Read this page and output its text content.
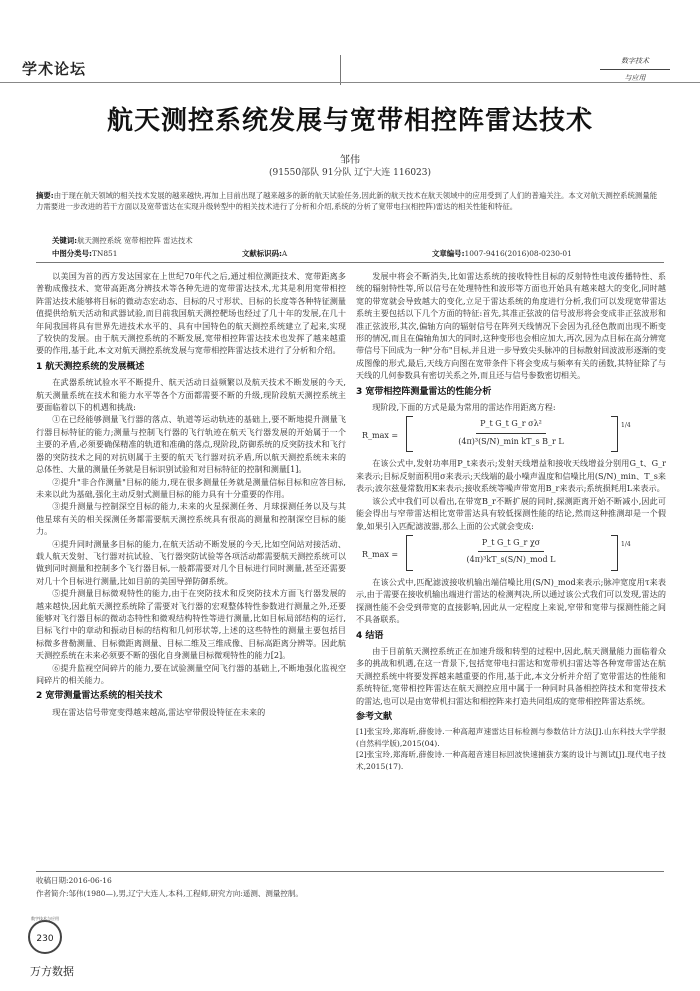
学术论坛	数字技术
与应用
航天测控系统发展与宽带相控阵雷达技术
邹伟
(91550部队 91分队 辽宁大连 116023)
摘要:由于现在航天领域的相关技术发展的越来越快,再加上目前出现了越来越多的新的航天试验任务,因此新的航天技术在航天领域中的应用受到了人们的普遍关注。本文对航天测控系统测量能力需要进一步改进的若干方面以及宽带雷达在实现升级转型中的相关技术进行了分析和介绍,系统的分析了宽带电扫(相控阵)雷达的相关性能和特征。
关键词:航天测控系统 宽带相控阵 雷达技术
中图分类号:TN851	文献标识码:A	文章编号:1007-9416(2016)08-0230-01

以美国为首的西方发达国家在上世纪70年代之后,通过相位测距技术、宽带距离多普勒成像技术、宽带高距离分辨技术等各种先进的宽带雷达技术,尤其是利用宽带相控阵雷达技术能够将目标的微动态宏动态、目标的尺寸形状、目标的长度等各种特征测量值提供给航天活动和武器试验,而目前我国航天测控靶场也经过了几十年的发展,在几十年间我国将具有世界先进技术水平的、具有中国特色的航天测控系统建立了起来,实现了较快的发展。由于航天测控系统的不断发展,宽带相控阵雷达技术也发挥了越来越重要的作用,基于此,本文对航天测控系统发展与宽带相控阵雷达技术进行了分析和介绍。

1 航天测控系统的发展概述

在武器系统试验水平不断提升、航天活动日益频繁以及航天技术不断发展的今天,航天测量系统在技术和能力水平等各个方面都需要不断的升级,现阶段航天测控系统主要面临着以下的机遇和挑战:

①在已经能够测量飞行器的落点、轨道等运动轨迹的基础上,要不断地提升测量飞行器目标特征的能力;测量与控制飞行器的飞行轨迹在航天飞行器发展的开始属于一个主要的矛盾,必须要确保精准的轨道和准确的落点,现阶段,防御系统的反突防技术和飞行器的突防技术之间的对抗则属于主要的航天飞行器对抗矛盾,所以航天测控系统未来的总体性、大量的测量任务就是目标识别试验和对目标特征的控制和测量[1]。

②提升"非合作测量"目标的能力,现在很多测量任务就是测量信标目标和应答目标,未来以此为基础,强化主动反射式测量目标的能力具有十分重要的作用。

③提升测量与控制深空目标的能力,未来的火星探测任务、月球探测任务以及与其他星球有关的相关探测任务都需要航天测控系统具有很高的测量和控制深空目标的能力。

④提升同时测量多目标的能力,在航天活动不断发展的今天,比如空间站对接活动、载人航天发射、飞行器对抗试验、飞行器突防试验等各项活动都需要航天测控系统可以做到同时测量和控制多个飞行器目标,一般都需要对几个目标进行同时测量,甚至还需要对几十个目标进行测量,比如目前的美国导弹防御系统。

⑤提升测量目标微观特性的能力,由于在突防技术和反突防技术方面飞行器发展的越来越快,因此航天测控系统除了需要对飞行器的宏观整体特性参数进行测量之外,还要能够对飞行器目标的微动态特性和微观结构特性等进行测量,比如目标局部结构的运行,目标飞行中的章动和振动目标的结构和几何形状等,上述的这些特性的测量主要包括目标微多普勒测量、目标微距离测量、目标二维及三维成像、目标高距离分辨等。因此航天测控系统在未来必须要不断的强化自身测量目标微观特性的能力[2]。

⑥提升监视空间碎片的能力,要在试验测量空间飞行器的基础上,不断地强化监视空间碎片的相关能力。

2 宽带测量雷达系统的相关技术

现在雷达信号带宽变得越来越高,雷达窄带假设特征在未来的

发展中将会不断消失,比如雷达系统的接收特性目标的反射特性电波传播特性、系统的辐射特性等,所以信号在处理特性和波形等方面也开始具有越来越大的变化,同时越宽的带宽就会导致越大的变化,立足于雷达系统的角度进行分析,我们可以发现宽带雷达系统主要包括以下几个方面的特征:首先,其准正弦波的信号波形将会变成非正弦波形和准正弦波形,其次,偏轴方向的辐射信号在阵列天线情况下会因为孔径色散而出现不断变形的情况,而且在偏轴角加大的同时,这种变形也会相应加大,再次,因为点目标在高分辨宽带信号下回成为一种"分布"目标,并且进一步导致尖头脉冲的目标散射回波波形逐渐的变成图像的形式,最后,天线方向图在宽带条件下将会变成与频率有关的函数,其特征除了与天线的几何参数具有密切关系之外,而且还与信号参数密切相关。

3 宽带相控阵测量雷达的性能分析

现阶段,下面的方式是最为常用的雷达作用距离方程:

R_max =
P_t G_t G_r σλ²
(4π)³(S/N)_min kT_s B_r L
1/4

在该公式中,发射功率用P_t来表示;发射天线增益和接收天线增益分别用G_t、G_r来表示;目标反射面积用σ来表示;天线端的最小噪声温度和信噪比用(S/N)_min、T_s来表示;波尔兹曼常数用K来表示;接收系统等噪声带宽用B_r来表示;系统损耗用L来表示。

该公式中我们可以看出,在带宽B_r不断扩展的同时,探测距离开始不断减小,因此可能会得出与窄带雷达相比宽带雷达具有较低探测性能的结论,然而这种推测却是一个假象,如果引入匹配滤波器,那么上面的公式就会变成:

R_max =
P_t G_t G_r χσ
(4π)³kT_s(S/N)_mod L
1/4

在该公式中,匹配滤波接收机输出端信噪比用(S/N)_mod来表示;脉冲宽度用τ来表示,由于需要在接收机输出端进行雷达的检测判决,所以通过该公式我们可以发现,雷达的探测性能不会受到带宽的直接影响,因此从一定程度上来说,窄带和宽带与探测性能之间不具备联系。

4 结语

由于目前航天测控系统正在加速升级和转型的过程中,因此,航天测量能力面临着众多的挑战和机遇,在这一背景下,包括宽带电扫雷达和宽带机扫雷达等各种宽带雷达在航天测控系统中将要发挥越来越重要的作用,基于此,本文分析并介绍了宽带雷达的性能和系统特征,宽带相控阵雷达在航天测控应用中属于一种同时具备相控阵技术和宽带技术的雷达,也可以是由宽带机扫雷达和相控阵来打造共同组成的宽带相控阵雷达系统。

参考文献
[1]张宝玲,郑海昕,薛俊诗.一种高超声速雷达目标检测与参数估计方法[J].山东科技大学学报(自然科学版),2015(04).
[2]张宝玲,郑海昕,薛俊诗.一种高超音速目标回波快速捕获方案的设计与测试[J].现代电子技术,2015(17).
收稿日期:2016-06-16
作者简介:邹伟(1980—),男,辽宁大连人,本科,工程师,研究方向:遥测、测量控制。
数字技术与应用
230
万方数据
